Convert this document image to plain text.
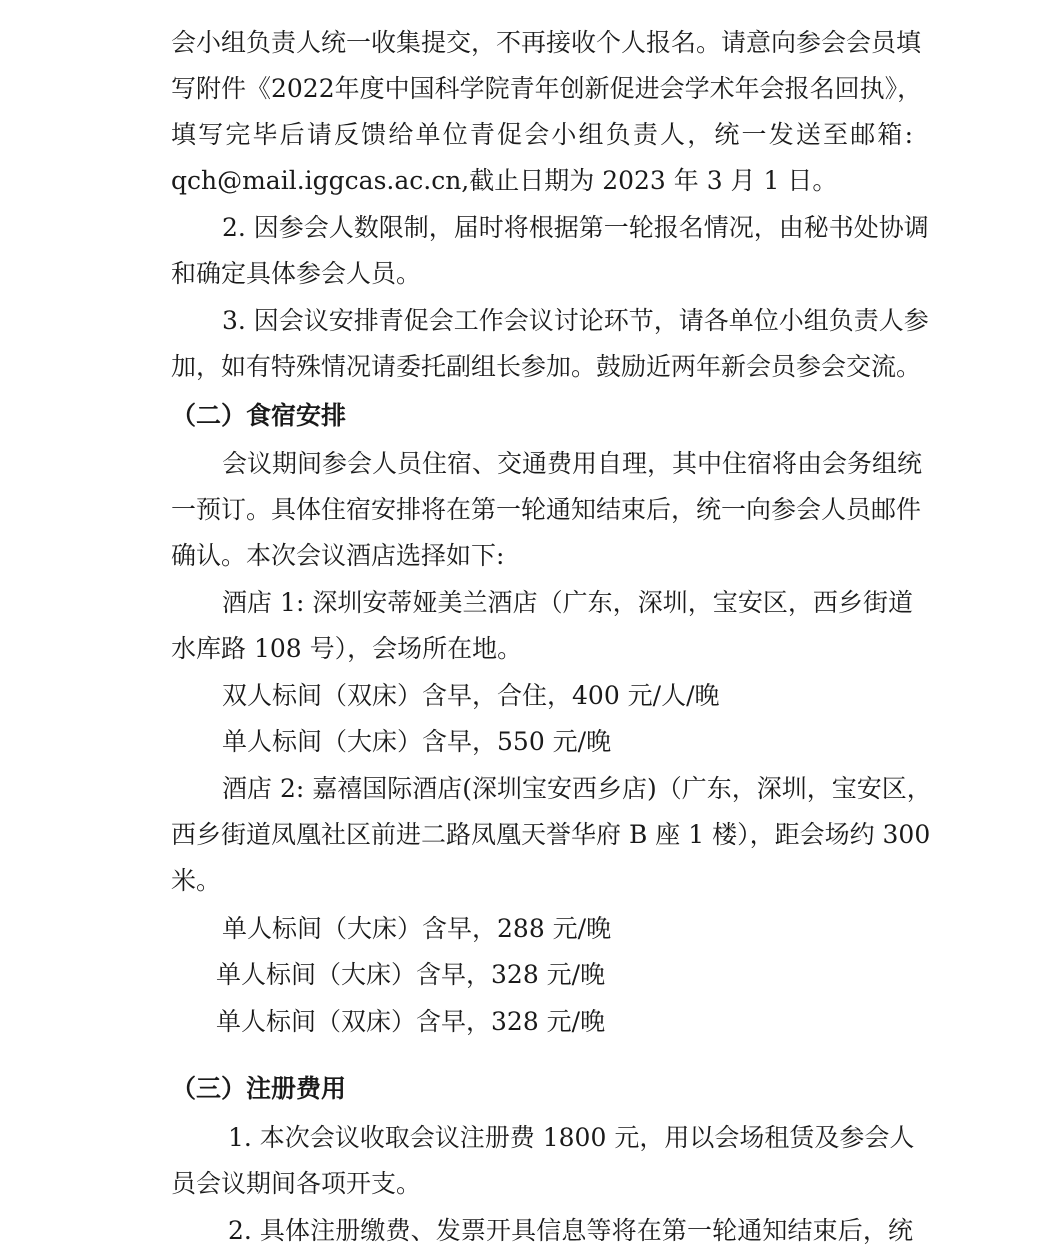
会小组负责人统一收集提交，不再接收个人报名。请意向参会会员填

写附件《2022年度中国科学院青年创新促进会学术年会报名回执》，

填写完毕后请反馈给单位青促会小组负责人，统一发送至邮箱:

qch@mail.iggcas.ac.cn,截止日期为 2023 年 3 月 1 日。

2. 因参会人数限制，届时将根据第一轮报名情况，由秘书处协调

和确定具体参会人员。

3. 因会议安排青促会工作会议讨论环节，请各单位小组负责人参

加，如有特殊情况请委托副组长参加。鼓励近两年新会员参会交流。

（二）食宿安排

会议期间参会人员住宿、交通费用自理，其中住宿将由会务组统

一预订。具体住宿安排将在第一轮通知结束后，统一向参会人员邮件

确认。本次会议酒店选择如下:

酒店 1: 深圳安蒂娅美兰酒店（广东，深圳，宝安区，西乡街道

水库路 108 号），会场所在地。

双人标间（双床）含早，合住，400 元/人/晚

单人标间（大床）含早，550 元/晚

酒店 2: 嘉禧国际酒店(深圳宝安西乡店)（广东，深圳，宝安区，

西乡街道凤凰社区前进二路凤凰天誉华府 B 座 1 楼），距会场约 300

米。

单人标间（大床）含早，288 元/晚

单人标间（大床）含早，328 元/晚

单人标间（双床）含早，328 元/晚

（三）注册费用

1. 本次会议收取会议注册费 1800 元，用以会场租赁及参会人

员会议期间各项开支。

2. 具体注册缴费、发票开具信息等将在第一轮通知结束后，统
